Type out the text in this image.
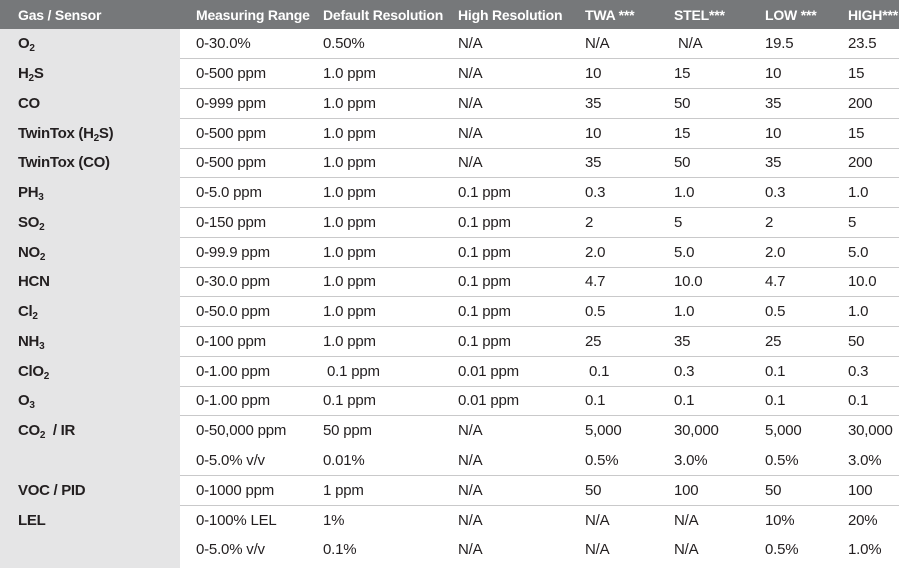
Gas / Sensor	Measuring Range	Default Resolution	High Resolution	TWA ***	STEL***	LOW ***	HIGH***
$O_2$	0-30.0%	0.50%	N/A	N/A	N/A	19.5	23.5
$H_2S$	0-500 ppm	1.0 ppm	N/A	10	15	10	15
CO	0-999 ppm	1.0 ppm	N/A	35	50	35	200
TwinTox $(H_2S)$	0-500 ppm	1.0 ppm	N/A	10	15	10	15
TwinTox (CO)	0-500 ppm	1.0 ppm	N/A	35	50	35	200
$PH_3$	0-5.0 ppm	1.0 ppm	0.1 ppm	0.3	1.0	0.3	1.0
$SO_2$	0-150 ppm	1.0 ppm	0.1 ppm	2	5	2	5
$NO_2$	0-99.9 ppm	1.0 ppm	0.1 ppm	2.0	5.0	2.0	5.0
HCN	0-30.0 ppm	1.0 ppm	0.1 ppm	4.7	10.0	4.7	10.0
$Cl_2$	0-50.0 ppm	1.0 ppm	0.1 ppm	0.5	1.0	0.5	1.0
$NH_3$	0-100 ppm	1.0 ppm	0.1 ppm	25	35	25	50
ClO$_2$	0-1.00 ppm	0.1 ppm	0.01 ppm	0.1	0.3	0.1	0.3
$O_3$	0-1.00 ppm	0.1 ppm	0.01 ppm	0.1	0.1	0.1	0.1
$CO_2$  / IR	0-50,000 ppm	50 ppm	N/A	5,000	30,000	5,000	30,000
	0-5.0% v/v	0.01%	N/A	0.5%	3.0%	0.5%	3.0%
VOC / PID	0-1000 ppm	1 ppm	N/A	50	100	50	100
LEL	0-100% LEL	1%	N/A	N/A	N/A	10%	20%
	0-5.0% v/v	0.1%	N/A	N/A	N/A	0.5%	1.0%
